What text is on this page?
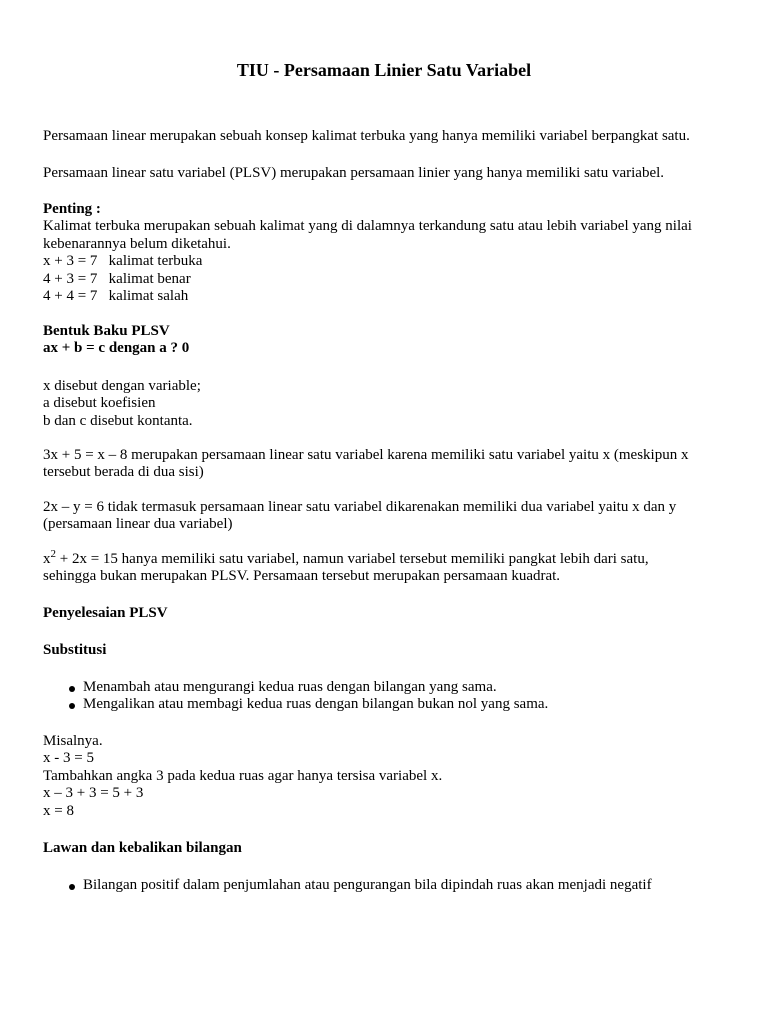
TIU - Persamaan Linier Satu Variabel

Persamaan linear merupakan sebuah konsep kalimat terbuka yang hanya memiliki variabel berpangkat satu.

Persamaan linear satu variabel (PLSV) merupakan persamaan linier yang hanya memiliki satu variabel.

Penting :
Kalimat terbuka merupakan sebuah kalimat yang di dalamnya terkandung satu atau lebih variabel yang nilai
kebenarannya belum diketahui.
x + 3 = 7   kalimat terbuka
4 + 3 = 7   kalimat benar
4 + 4 = 7   kalimat salah
Bentuk Baku PLSV
ax + b = c dengan a ? 0
x disebut dengan variable;
a disebut koefisien
b dan c disebut kontanta.
3x + 5 = x – 8 merupakan persamaan linear satu variabel karena memiliki satu variabel yaitu x (meskipun x
tersebut berada di dua sisi)
2x – y = 6 tidak termasuk persamaan linear satu variabel dikarenakan memiliki dua variabel yaitu x dan y
(persamaan linear dua variabel)
$x^2 + 2x = 15$ hanya memiliki satu variabel, namun variabel tersebut memiliki pangkat lebih dari satu,
sehingga bukan merupakan PLSV. Persamaan tersebut merupakan persamaan kuadrat.
Penyelesaian PLSV
Substitusi
Menambah atau mengurangi kedua ruas dengan bilangan yang sama.
Mengalikan atau membagi kedua ruas dengan bilangan bukan nol yang sama.
Misalnya.
x - 3 = 5
Tambahkan angka 3 pada kedua ruas agar hanya tersisa variabel x.
x – 3 + 3 = 5 + 3
x = 8
Lawan dan kebalikan bilangan
Bilangan positif dalam penjumlahan atau pengurangan bila dipindah ruas akan menjadi negatif
